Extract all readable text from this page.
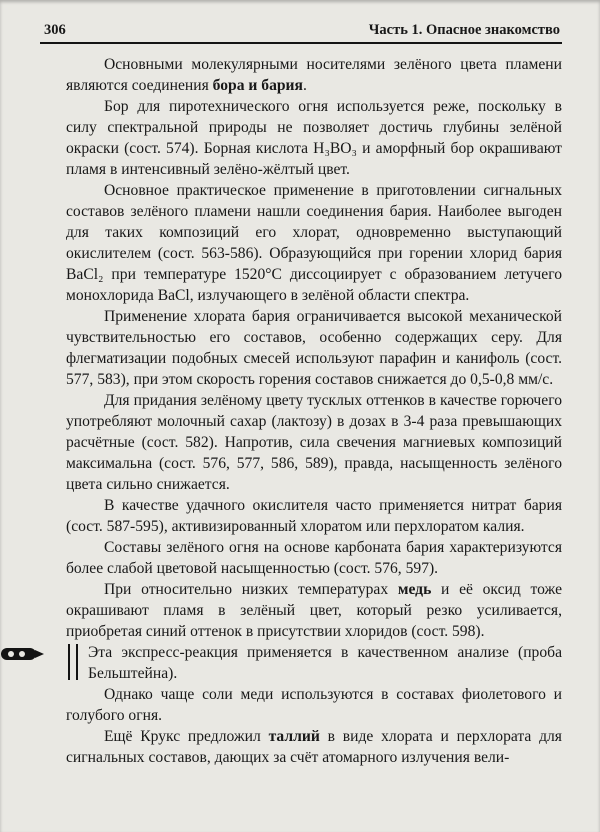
306	Часть 1. Опасное знакомство

Основными молекулярными носителями зелёного цвета пламени являются соединения бора и бария.

Бор для пиротехнического огня используется реже, поскольку в силу спектральной природы не позволяет достичь глубины зелёной окраски (сост. 574). Борная кислота H₃BO₃ и аморфный бор окрашивают пламя в интенсивный зелёно-жёлтый цвет.

Основное практическое применение в приготовлении сигнальных составов зелёного пламени нашли соединения бария. Наиболее выгоден для таких композиций его хлорат, одновременно выступающий окислителем (сост. 563-586). Образующийся при горении хлорид бария BaCl₂ при температуре 1520°С диссоциирует с образованием летучего монохлорида BaCl, излучающего в зелёной области спектра.

Применение хлората бария ограничивается высокой механической чувствительностью его составов, особенно содержащих серу. Для флегматизации подобных смесей используют парафин и канифоль (сост. 577, 583), при этом скорость горения составов снижается до 0,5-0,8 мм/с.

Для придания зелёному цвету тусклых оттенков в качестве горючего употребляют молочный сахар (лактозу) в дозах в 3-4 раза превышающих расчётные (сост. 582). Напротив, сила свечения магниевых композиций максимальна (сост. 576, 577, 586, 589), правда, насыщенность зелёного цвета сильно снижается.

В качестве удачного окислителя часто применяется нитрат бария (сост. 587-595), активизированный хлоратом или перхлоратом калия.

Составы зелёного огня на основе карбоната бария характеризуются более слабой цветовой насыщенностью (сост. 576, 597).

При относительно низких температурах медь и её оксид тоже окрашивают пламя в зелёный цвет, который резко усиливается, приобретая синий оттенок в присутствии хлоридов (сост. 598).

Эта экспресс-реакция применяется в качественном анализе (проба Бельштейна).

Однако чаще соли меди используются в составах фиолетового и голубого огня.

Ещё Крукс предложил таллий в виде хлората и перхлората для сигнальных составов, дающих за счёт атомарного излучения вели-
